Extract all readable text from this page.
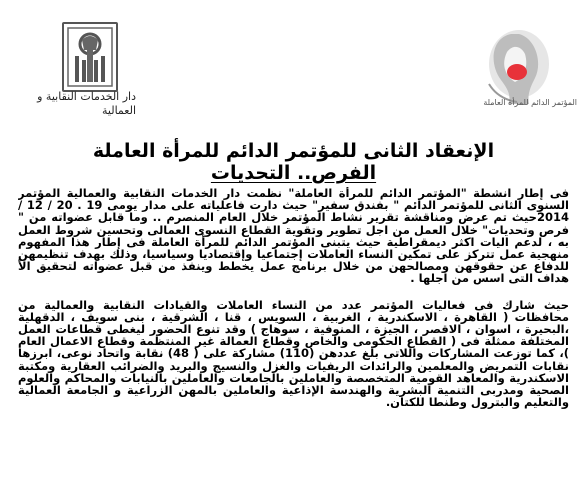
دار الخدمات النقابية و العمالية
المؤتمر الدائم للمرأة العاملة
الإنعقاد الثانى للمؤتمر الدائم للمرأة العاملة
الفرص.. التحديات

فى إطار انشطة "المؤتمر الدائم للمرأة العاملة" نظمت دار الخدمات النقابية والعمالية المؤتمر السنوى الثانى للمؤتمر الدائم " بفندق سفير" حيث دارت فاعلياته على مدار يومى 19 . 20 / 12 / 2014حيث تم عرض ومناقشة تقرير نشاط المؤتمر خلال العام المنصرم .. وما قابل عضواته من " فرص وتحديات" خلال العمل من اجل تطوير وتقوية القطاع النسوى العمالى وتحسين شروط العمل به ، لدعم اليات اكثر ديمقراطية حيث يتبنى المؤتمر الدائم للمرأة العاملة فى إطار هذا المفهوم منهجية عمل تتركز على تمكين النساء العاملات إجتماعيا وإقتصاديا وسياسيا، وذلك بهدف تنظيمهن للدفاع عن حقوقهن ومصالحهن من خلال برنامج عمل يخطط وينفذ من قبل عضواته لتحقيق الأ هداف التى اسس من اجلها .

حيث شارك فى فعاليات المؤتمر عدد من النساء العاملات والقيادات النقابية والعمالية من محافظات ( القاهرة ، الاسكندرية ، الغربية ، السويس ، قنا ، الشرقية ، بنى سويف ، الدقهلية ،البحيرة ، اسوان ، الاقصر ، الجيزة ، المنوفية ، سوهاج ) وقد تنوع الحضور ليغطى قطاعات العمل المختلفة ممثلة فى ( القطاع الحكومى والخاص وقطاع العمالة غير المنتظمة وقطاع الاعمال العام )، كما توزعت المشاركات واللاتى بلغ عددهن (110) مشاركة على ( 48) نقابة واتحاد نوعى، ابرزها نقابات التمريض والمعلمين والرائدات الريفيات والغزل والنسيج والبريد والضرائب العقارية ومكتبة الاسكندرية والمعاهد القومية المتخصصة والعاملين بالجامعات والعاملين بالنيابات والمحاكم والعلوم الصحية ومدربى التنمية البشرية والهندسة الإذاعية والعاملين بالمهن الزراعية و الجامعة العمالية والتعليم والبترول وطنطا للكتان.
